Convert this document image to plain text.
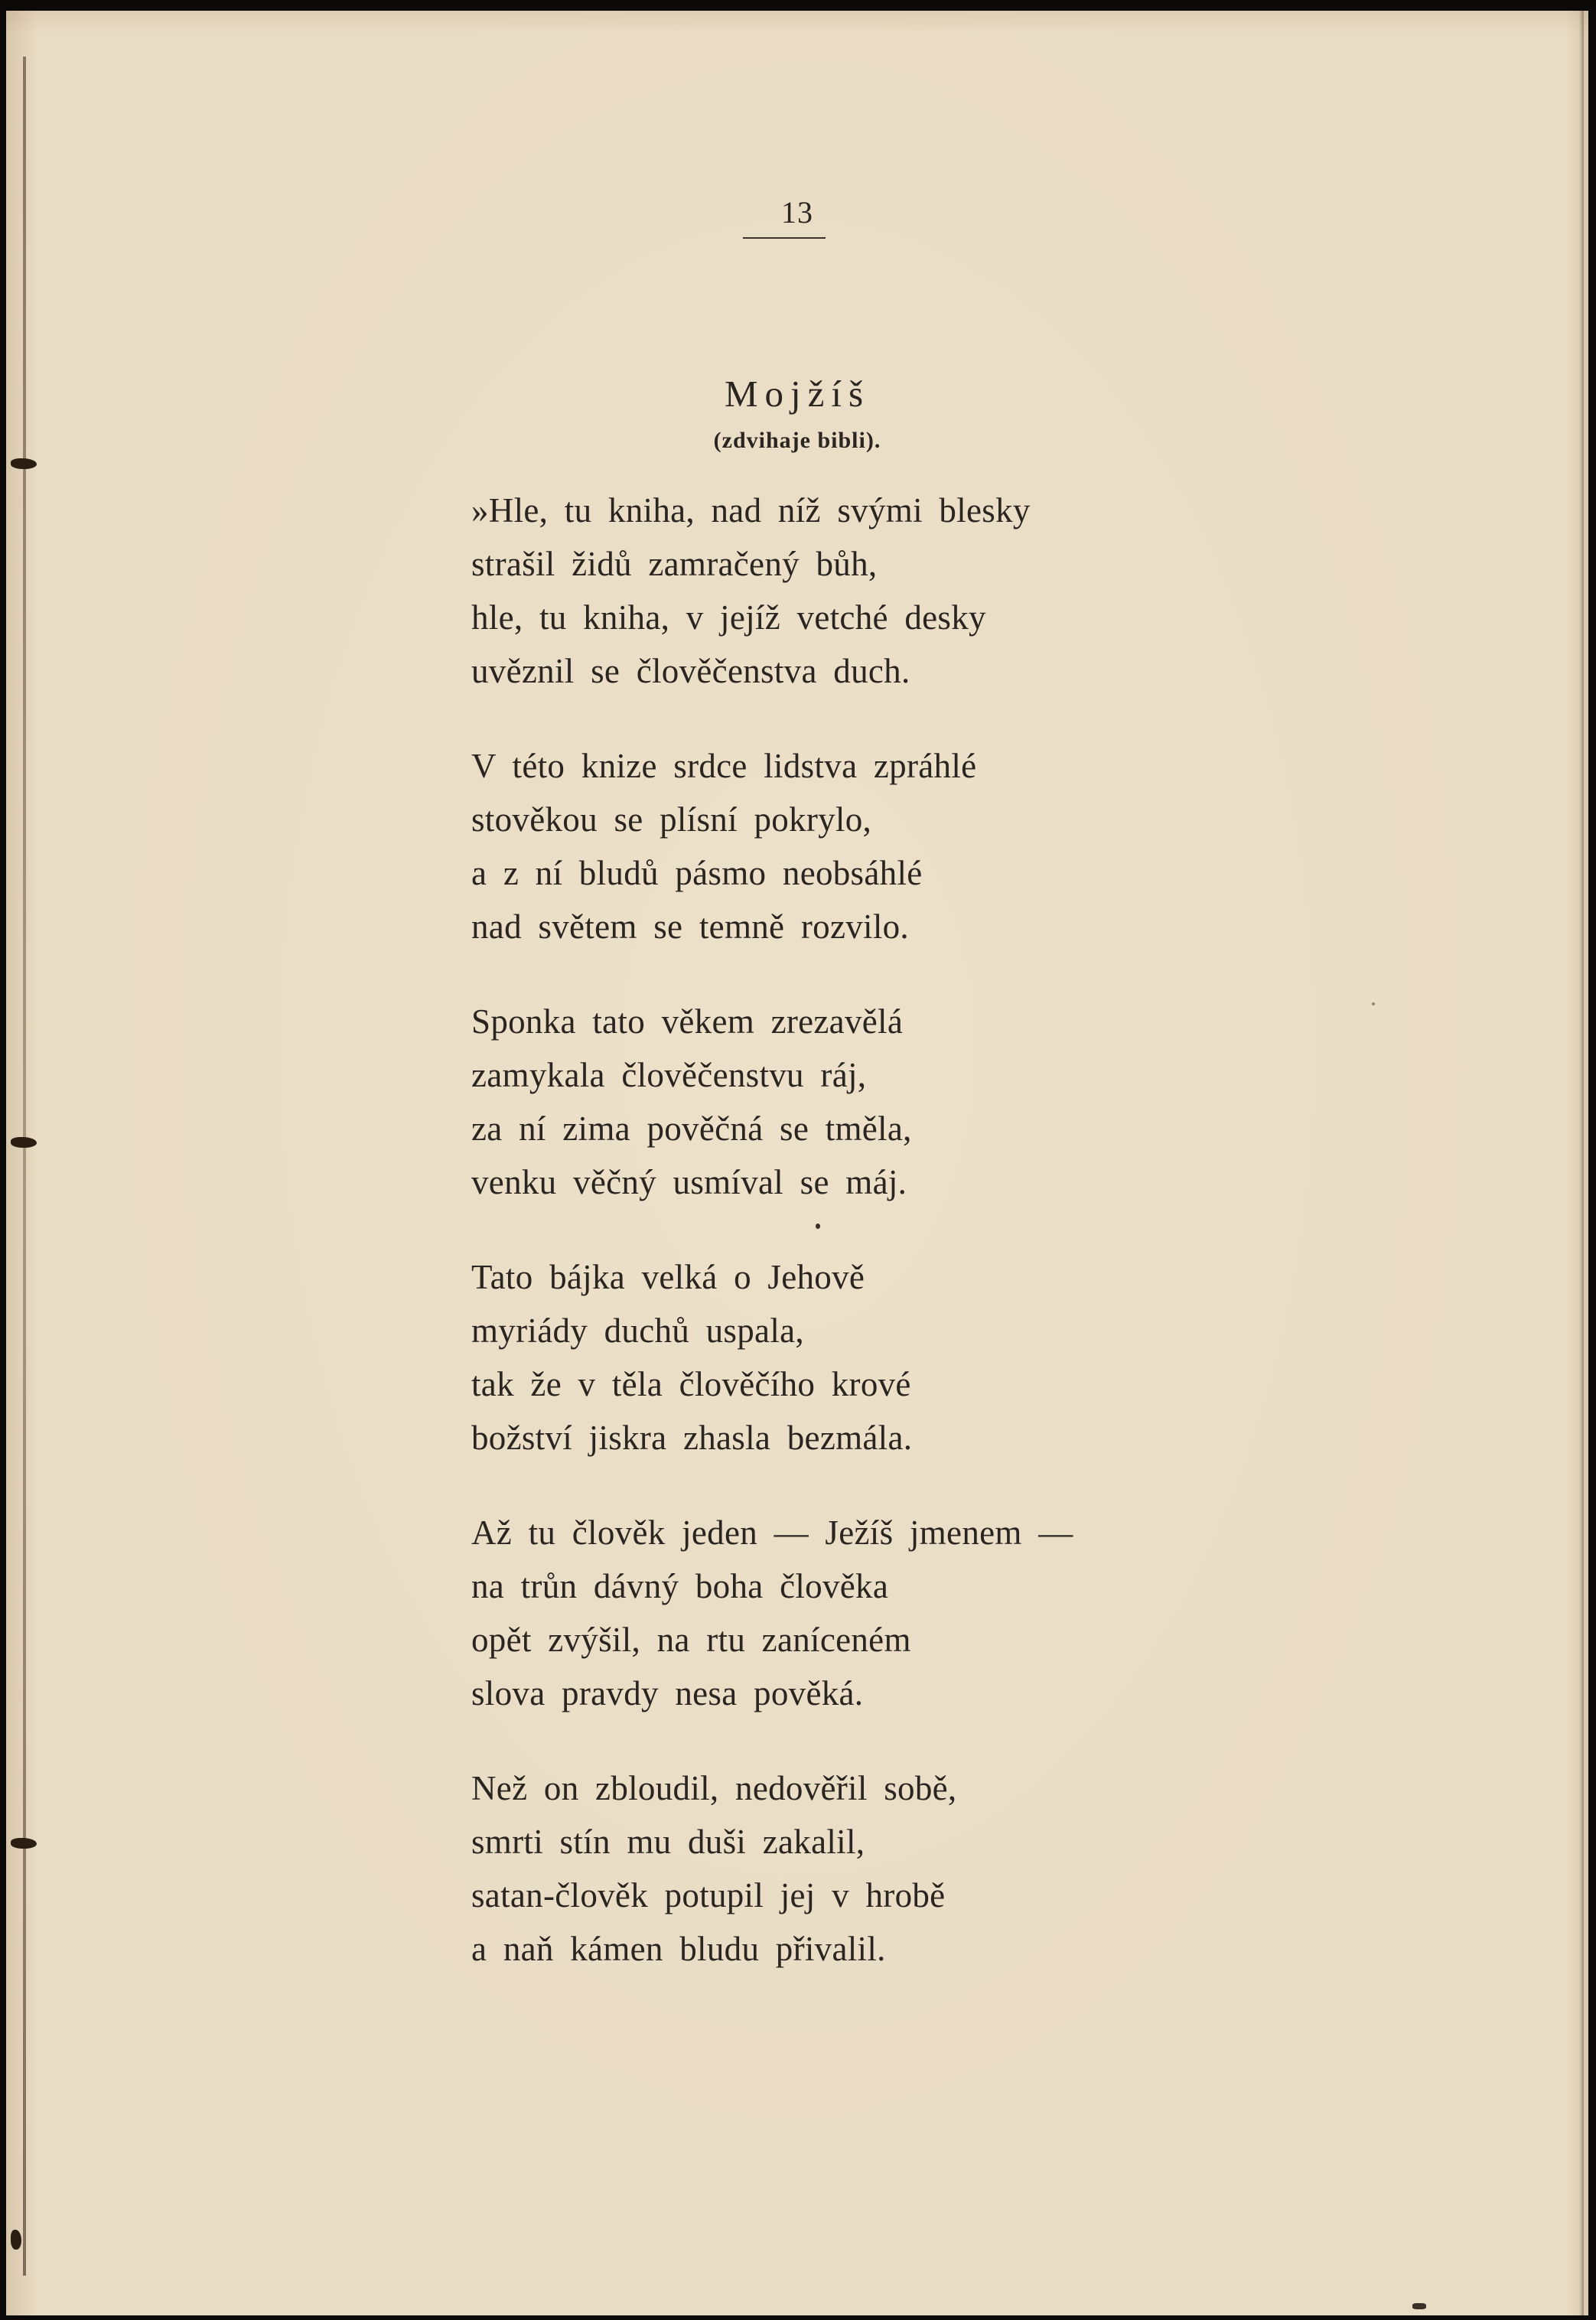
13
Mojžíš
(zdvihaje bibli).
»Hle, tu kniha, nad níž svými blesky
strašil židů zamračený bůh,
hle, tu kniha, v jejíž vetché desky
uvěznil se člověčenstva duch.
V této knize srdce lidstva zpráhlé
stověkou se plísní pokrylo,
a z ní bludů pásmo neobsáhlé
nad světem se temně rozvilo.
Sponka tato věkem zrezavělá
zamykala člověčenstvu ráj,
za ní zima pověčná se tměla,
venku věčný usmíval se máj.
Tato bájka velká o Jehově
myriády duchů uspala,
tak že v těla člověčího krové
božství jiskra zhasla bezmála.
Až tu člověk jeden — Ježíš jmenem —
na trůn dávný boha člověka
opět zvýšil, na rtu zaníceném
slova pravdy nesa pověká.
Než on zbloudil, nedověřil sobě,
smrti stín mu duši zakalil,
satan-člověk potupil jej v hrobě
a naň kámen bludu přivalil.
